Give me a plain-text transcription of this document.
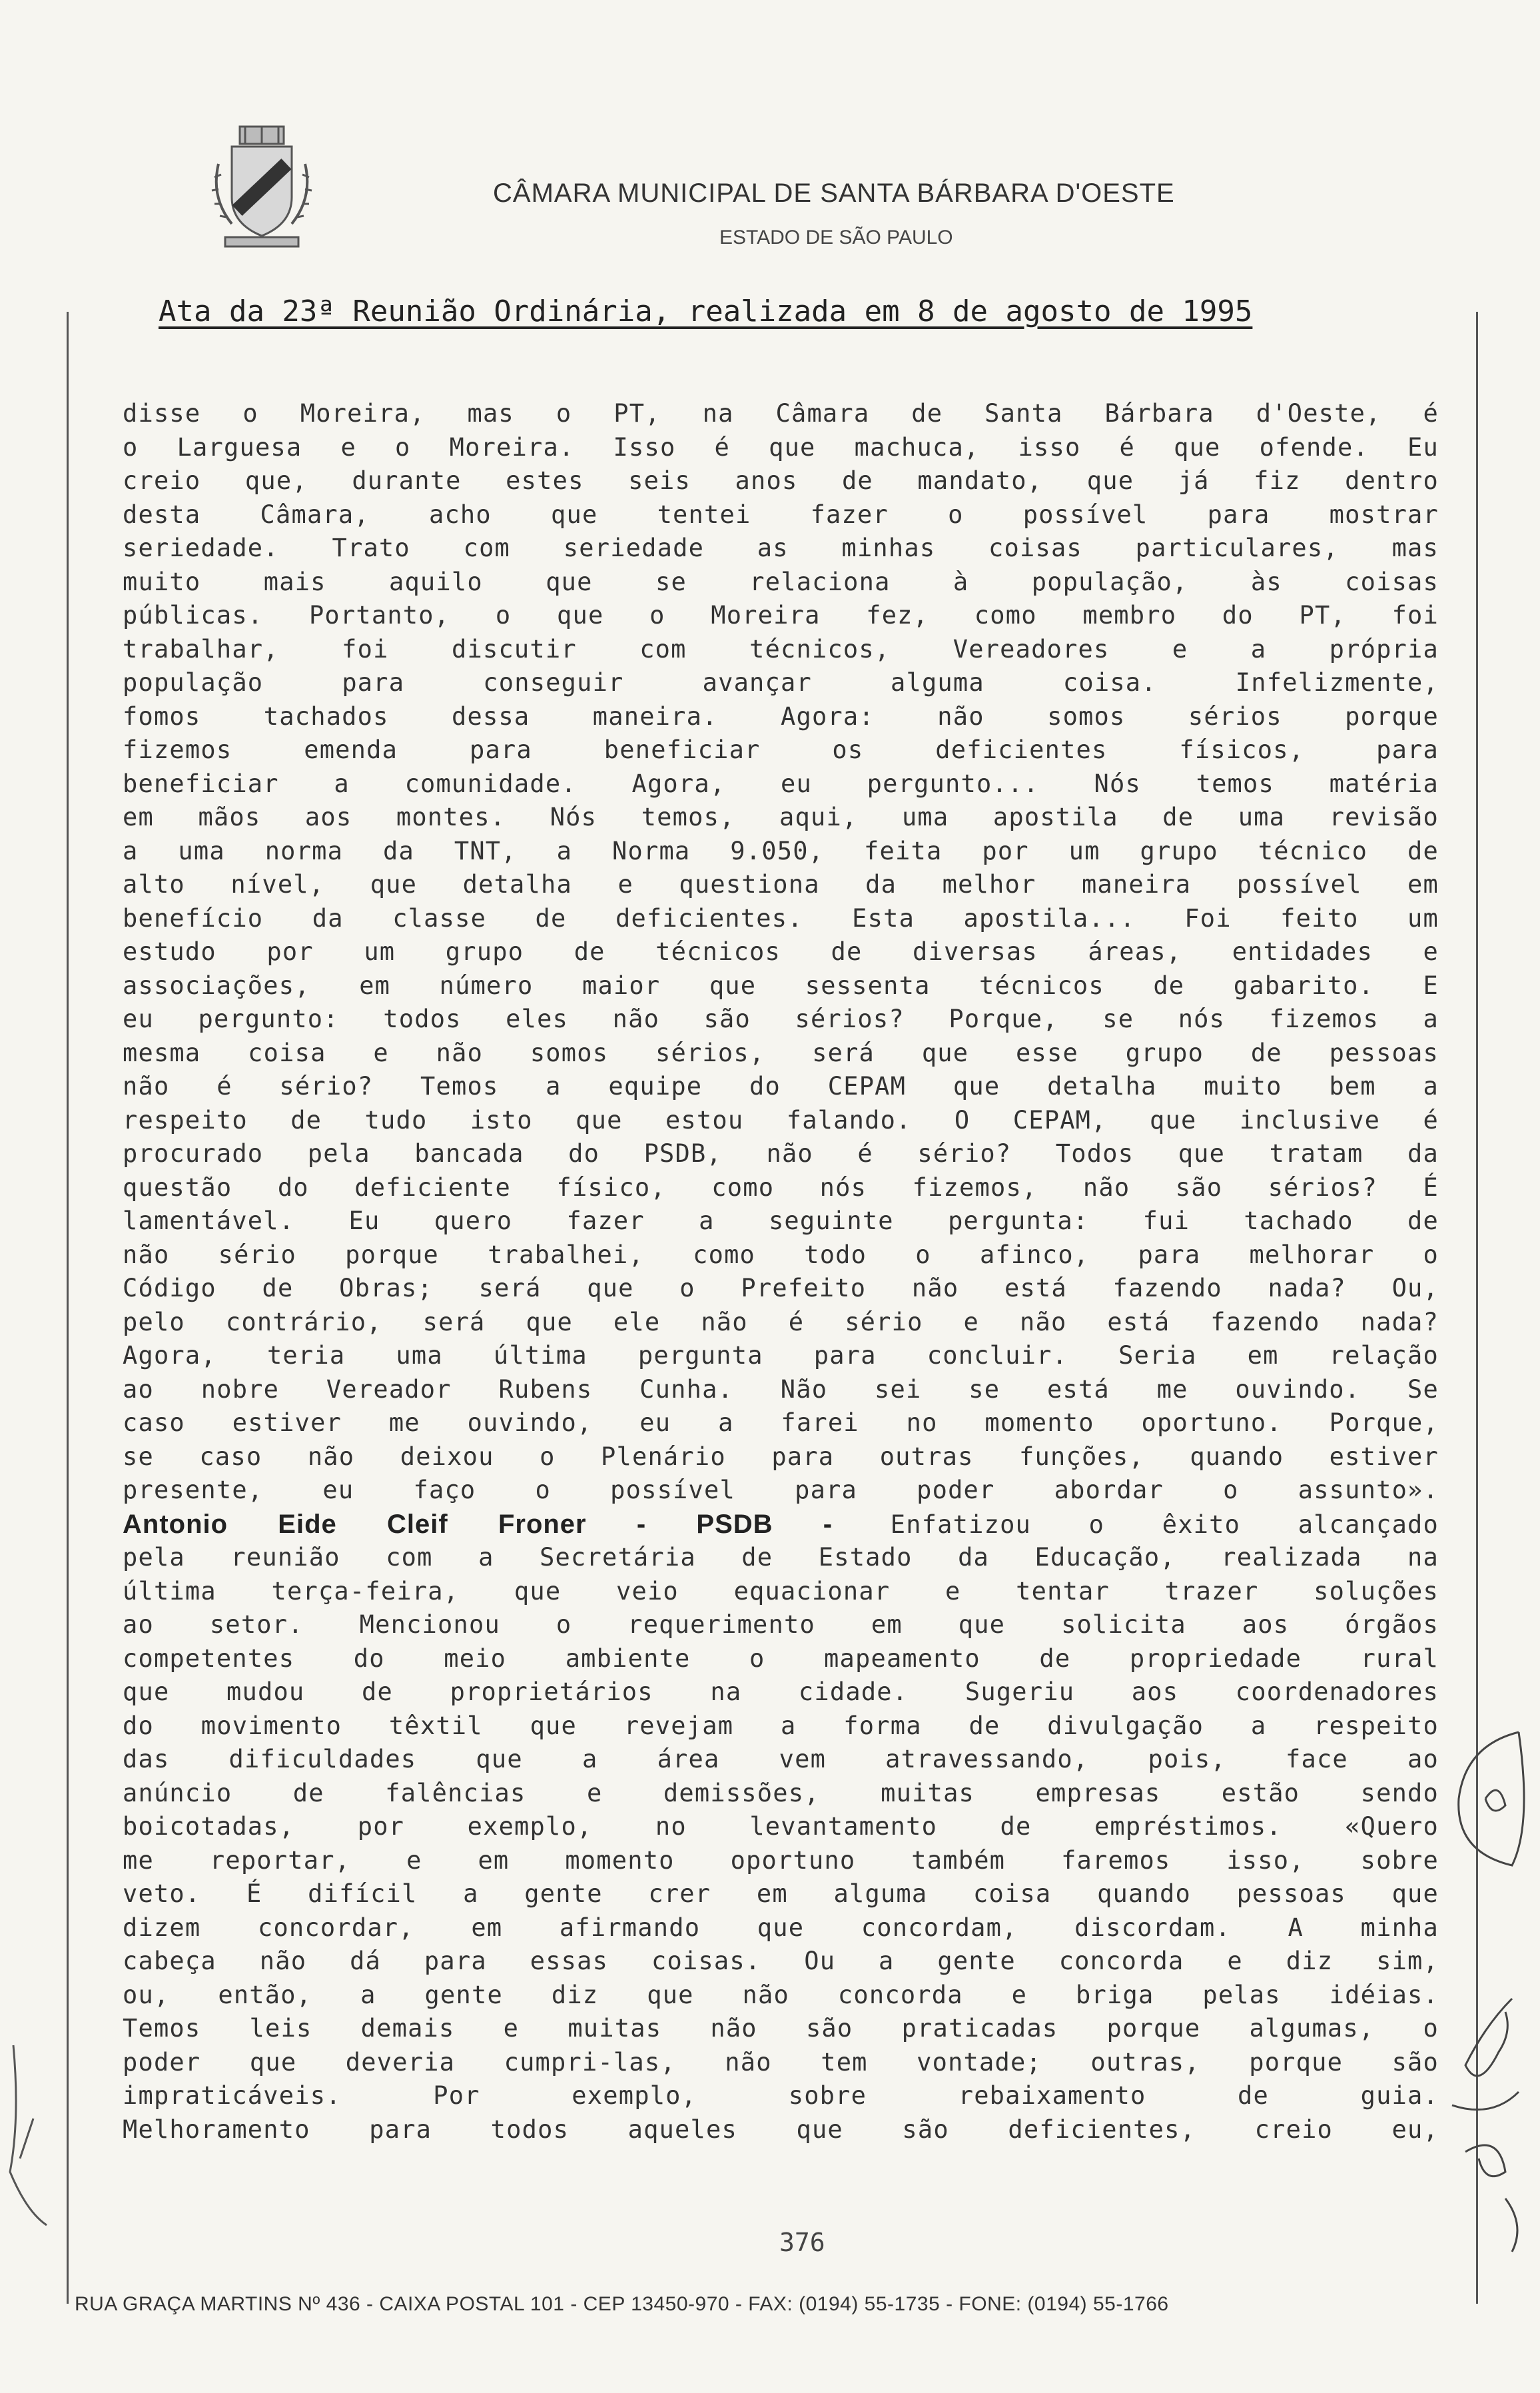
CÂMARA MUNICIPAL DE SANTA BÁRBARA D'OESTE
ESTADO DE SÃO PAULO
Ata da 23ª Reunião Ordinária, realizada em 8 de agosto de 1995
disse o Moreira, mas o PT, na Câmara de Santa Bárbara d'Oeste, é
o Larguesa e o Moreira. Isso é que machuca, isso é que ofende. Eu
creio que, durante estes seis anos de mandato, que já fiz dentro
desta Câmara, acho que tentei fazer o possível para mostrar
seriedade. Trato com seriedade as minhas coisas particulares, mas
muito mais aquilo que se relaciona à população, às coisas
públicas. Portanto, o que o Moreira fez, como membro do PT, foi
trabalhar, foi discutir com técnicos, Vereadores e a própria
população para conseguir avançar alguma coisa. Infelizmente,
fomos tachados dessa maneira. Agora: não somos sérios porque
fizemos emenda para beneficiar os deficientes físicos, para
beneficiar a comunidade. Agora, eu pergunto... Nós temos matéria
em mãos aos montes. Nós temos, aqui, uma apostila de uma revisão
a uma norma da TNT, a Norma 9.050, feita por um grupo técnico de
alto nível, que detalha e questiona da melhor maneira possível em
benefício da classe de deficientes. Esta apostila... Foi feito um
estudo por um grupo de técnicos de diversas áreas, entidades e
associações, em número maior que sessenta técnicos de gabarito. E
eu pergunto: todos eles não são sérios? Porque, se nós fizemos a
mesma coisa e não somos sérios, será que esse grupo de pessoas
não é sério? Temos a equipe do CEPAM que detalha muito bem a
respeito de tudo isto que estou falando. O CEPAM, que inclusive é
procurado pela bancada do PSDB, não é sério? Todos que tratam da
questão do deficiente físico, como nós fizemos, não são sérios? É
lamentável. Eu quero fazer a seguinte pergunta: fui tachado de
não sério porque trabalhei, como todo o afinco, para melhorar o
Código de Obras; será que o Prefeito não está fazendo nada? Ou,
pelo contrário, será que ele não é sério e não está fazendo nada?
Agora, teria uma última pergunta para concluir. Seria em relação
ao nobre Vereador Rubens Cunha. Não sei se está me ouvindo. Se
caso estiver me ouvindo, eu a farei no momento oportuno. Porque,
se caso não deixou o Plenário para outras funções, quando estiver
presente, eu faço o possível para poder abordar o assunto».
Antonio Eide Cleif Froner - PSDB - Enfatizou o êxito alcançado
pela reunião com a Secretária de Estado da Educação, realizada na
última terça-feira, que veio equacionar e tentar trazer soluções
ao setor. Mencionou o requerimento em que solicita aos órgãos
competentes do meio ambiente o mapeamento de propriedade rural
que mudou de proprietários na cidade. Sugeriu aos coordenadores
do movimento têxtil que revejam a forma de divulgação a respeito
das dificuldades que a área vem atravessando, pois, face ao
anúncio de falências e demissões, muitas empresas estão sendo
boicotadas, por exemplo, no levantamento de empréstimos. «Quero
me reportar, e em momento oportuno também faremos isso, sobre
veto. É difícil a gente crer em alguma coisa quando pessoas que
dizem concordar, em afirmando que concordam, discordam. A minha
cabeça não dá para essas coisas. Ou a gente concorda e diz sim,
ou, então, a gente diz que não concorda e briga pelas idéias.
Temos leis demais e muitas não são praticadas porque algumas, o
poder que deveria cumpri-las, não tem vontade; outras, porque são
impraticáveis. Por exemplo, sobre rebaixamento de guia.
Melhoramento para todos aqueles que são deficientes, creio eu,
376
RUA GRAÇA MARTINS Nº 436 - CAIXA POSTAL 101 - CEP 13450-970 - FAX: (0194) 55-1735 - FONE: (0194) 55-1766
